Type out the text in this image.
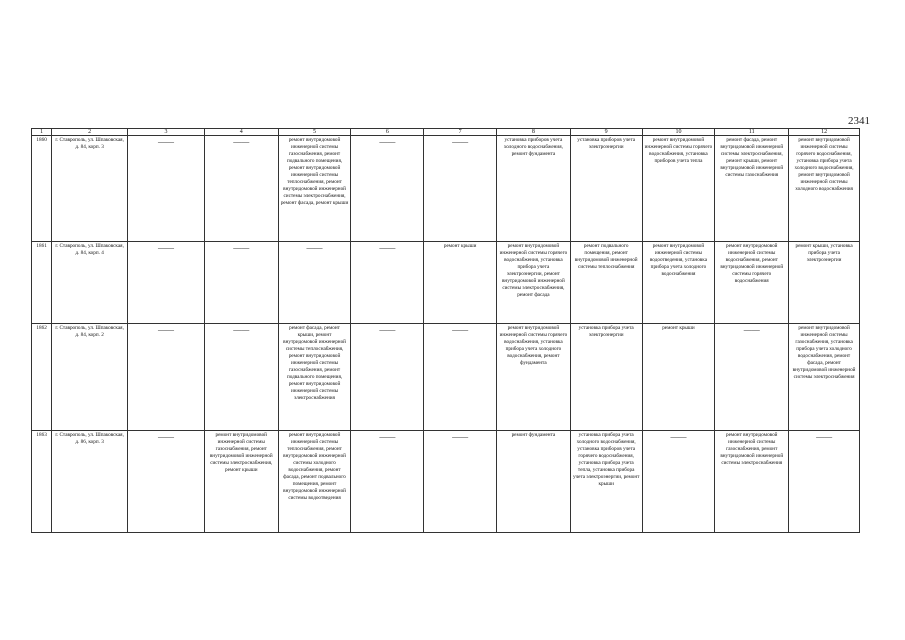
2341
1	2	3	4	5	6	7	8	9	10	11	12
1860	г. Ставрополь, ул. Шпаковская, д. 84, корп. 3	——	——	ремонт внутридомовой инженерной системы газоснабжения, ремонт подвального помещения, ремонт внутридомовой инженерной системы теплоснабжения, ремонт внутридомовой инженерной системы электроснабжения, ремонт фасада, ремонт крыши	——	——	установка приборов учета холодного водоснабжения, ремонт фундамента	установка приборов учета электроэнергии	ремонт внутридомовой инженерной системы горячего водоснабжения, установка приборов учета тепла	ремонт фасада, ремонт внутридомовой инженерной системы электроснабжения, ремонт крыши, ремонт внутридомовой инженерной системы газоснабжения	ремонт внутридомовой инженерной системы горячего водоснабжения, установка прибора учета холодного водоснабжения, ремонт внутридомовой инженерной системы холодного водоснабжения
1861	г. Ставрополь, ул. Шпаковская, д. 84, корп. 4	——	——	——	——	ремонт крыши	ремонт внутридомовой инженерной системы горячего водоснабжения, установка прибора учета электроэнергии, ремонт внутридомовой инженерной системы электроснабжения, ремонт фасада	ремонт подвального помещения, ремонт внутридомовой инженерной системы теплоснабжения	ремонт внутридомовой инженерной системы водоотведения, установка прибора учета холодного водоснабжения	ремонт внутридомовой инженерной системы водоснабжения, ремонт внутридомовой инженерной системы горячего водоснабжения	ремонт крыши, установка прибора учета электроэнергии
1862	г. Ставрополь, ул. Шпаковская, д. 84, корп. 2	——	——	ремонт фасада, ремонт крыши, ремонт внутридомовой инженерной системы теплоснабжения, ремонт внутридомовой инженерной системы газоснабжения, ремонт подвального помещения, ремонт внутридомовой инженерной системы электроснабжения	——	——	ремонт внутридомовой инженерной системы горячего водоснабжения, установка прибора учета холодного водоснабжения, ремонт фундамента	установка прибора учета электроэнергии	ремонт крыши	——	ремонт внутридомовой инженерной системы газоснабжения, установка прибора учета холодного водоснабжения, ремонт фасада, ремонт внутридомовой инженерной системы электроснабжения
1863	г. Ставрополь, ул. Шпаковская, д. 86, корп. 3	——	ремонт внутридомовой инженерной системы газоснабжения, ремонт внутридомовой инженерной системы электроснабжения, ремонт крыши	ремонт внутридомовой инженерной системы теплоснабжения, ремонт внутридомовой инженерной системы холодного водоснабжения, ремонт фасада, ремонт подвального помещения, ремонт внутридомовой инженерной системы водоотведения	——	——	ремонт фундамента	установка прибора учета холодного водоснабжения, установка приборов учета горячего водоснабжения, установка прибора учета тепла, установка прибора учета электроэнергии, ремонт крыши	——	ремонт внутридомовой инженерной системы газоснабжения, ремонт внутридомовой инженерной системы электроснабжения	——
